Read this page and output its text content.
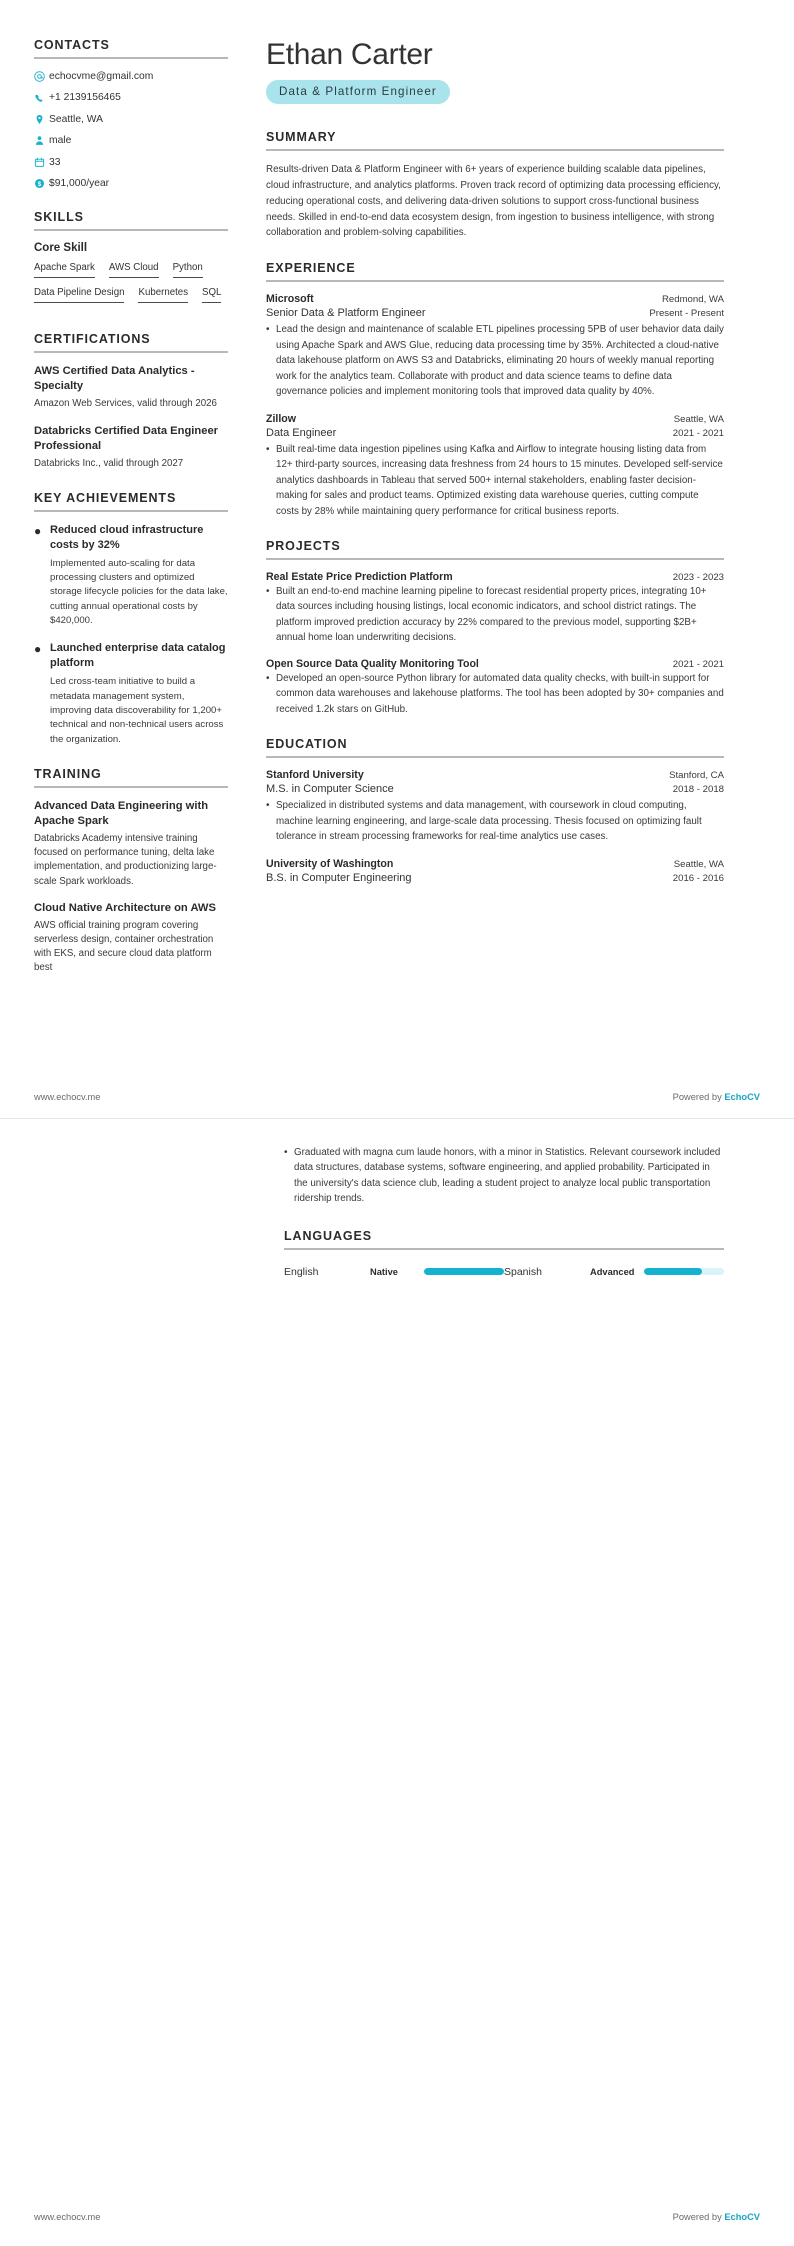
CONTACTS
echocvme@gmail.com
+1 2139156465
Seattle, WA
male
33
$ $91,000/year
SKILLS
Core Skill
Apache Spark AWS Cloud Python
Data Pipeline Design Kubernetes SQL
CERTIFICATIONS
AWS Certified Data Analytics - Specialty
Amazon Web Services, valid through 2026
Databricks Certified Data Engineer Professional
Databricks Inc., valid through 2027
KEY ACHIEVEMENTS
● Reduced cloud infrastructure costs by 32%
Implemented auto-scaling for data processing clusters and optimized storage lifecycle policies for the data lake, cutting annual operational costs by $420,000.
● Launched enterprise data catalog platform
Led cross-team initiative to build a metadata management system, improving data discoverability for 1,200+ technical and non-technical users across the organization.
TRAINING
Advanced Data Engineering with Apache Spark
Databricks Academy intensive training focused on performance tuning, delta lake implementation, and productionizing large-scale Spark workloads.
Cloud Native Architecture on AWS
AWS official training program covering serverless design, container orchestration with EKS, and secure cloud data platform best
Ethan Carter
Data & Platform Engineer
SUMMARY
Results-driven Data & Platform Engineer with 6+ years of experience building scalable data pipelines, cloud infrastructure, and analytics platforms. Proven track record of optimizing data processing efficiency, reducing operational costs, and delivering data-driven solutions to support cross-functional business needs. Skilled in end-to-end data ecosystem design, from ingestion to business intelligence, with strong collaboration and problem-solving capabilities.
EXPERIENCE
Microsoft	Redmond, WA
Senior Data & Platform Engineer	Present - Present
• Lead the design and maintenance of scalable ETL pipelines processing 5PB of user behavior data daily using Apache Spark and AWS Glue, reducing data processing time by 35%. Architected a cloud-native data lakehouse platform on AWS S3 and Databricks, eliminating 20 hours of weekly manual reporting work for the analytics team. Collaborate with product and data science teams to define data governance policies and implement monitoring tools that improved data quality by 40%.
Zillow	Seattle, WA
Data Engineer	2021 - 2021
• Built real-time data ingestion pipelines using Kafka and Airflow to integrate housing listing data from 12+ third-party sources, increasing data freshness from 24 hours to 15 minutes. Developed self-service analytics dashboards in Tableau that served 500+ internal stakeholders, enabling faster decision-making for sales and product teams. Optimized existing data warehouse queries, cutting compute costs by 28% while maintaining query performance for critical business reports.
PROJECTS
Real Estate Price Prediction Platform	2023 - 2023
• Built an end-to-end machine learning pipeline to forecast residential property prices, integrating 10+ data sources including housing listings, local economic indicators, and school district ratings. The platform improved prediction accuracy by 22% compared to the previous model, supporting $2B+ annual home loan underwriting decisions.
Open Source Data Quality Monitoring Tool	2021 - 2021
• Developed an open-source Python library for automated data quality checks, with built-in support for common data warehouses and lakehouse platforms. The tool has been adopted by 30+ companies and received 1.2k stars on GitHub.
EDUCATION
Stanford University	Stanford, CA
M.S. in Computer Science	2018 - 2018
• Specialized in distributed systems and data management, with coursework in cloud computing, machine learning engineering, and large-scale data processing. Thesis focused on optimizing fault tolerance in stream processing frameworks for real-time analytics use cases.
University of Washington	Seattle, WA
B.S. in Computer Engineering	2016 - 2016
www.echocv.me	Powered by EchoCV
• Graduated with magna cum laude honors, with a minor in Statistics. Relevant coursework included data structures, database systems, software engineering, and applied probability. Participated in the university's data science club, leading a student project to analyze local public transportation ridership trends.
LANGUAGES
English	Native	Spanish	Advanced
www.echocv.me	Powered by EchoCV
